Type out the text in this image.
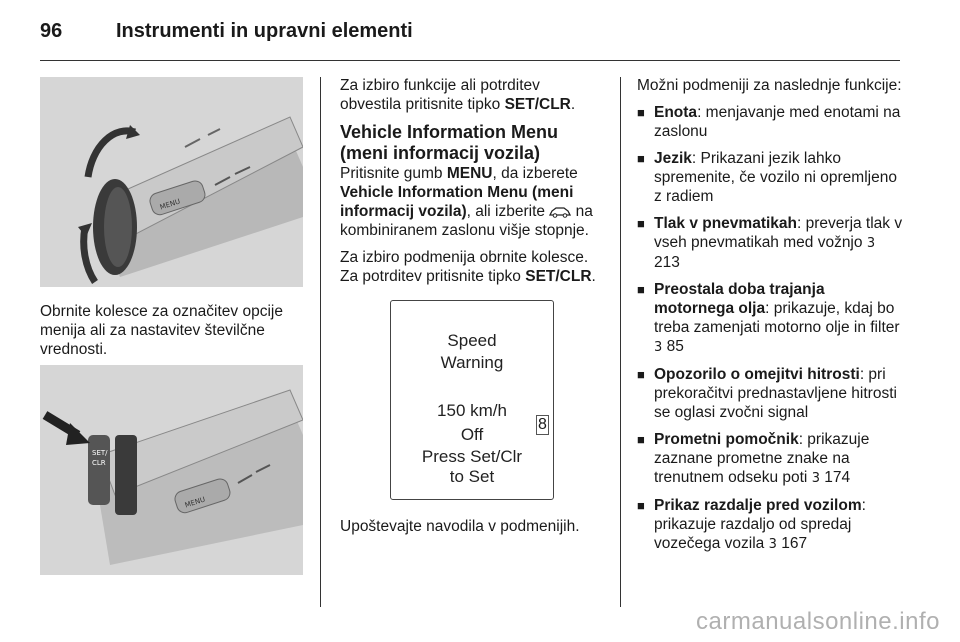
96	Instrumenti in upravni elementi
MENU

Obrnite kolesce za označitev opcije menija ali za nastavitev številčne vrednosti.

SET/
CLR
MENU

Za izbiro funkcije ali potrditev obvestila pritisnite tipko SET/CLR.

Vehicle Information Menu (meni informacij vozila)

Pritisnite gumb MENU, da izberete Vehicle Information Menu (meni informacij vozila), ali izberite  na kombiniranem zaslonu višje stopnje.

Za izbiro podmenija obrnite kolesce. Za potrditev pritisnite tipko SET/CLR.

Speed
Warning
150 km/h
Off
Press Set/Clr
to Set
8

Upoštevajte navodila v podmenijih.

Možni podmeniji za naslednje funkcije:

■ Enota: menjavanje med enotami na zaslonu
■ Jezik: Prikazani jezik lahko spremenite, če vozilo ni opremljeno z radiem
■ Tlak v pnevmatikah: preverja tlak v vseh pnevmatikah med vožnjo 3 213
■ Preostala doba trajanja motornega olja: prikazuje, kdaj bo treba zamenjati motorno olje in filter 3 85
■ Opozorilo o omejitvi hitrosti: pri prekoračitvi prednastavljene hitrosti se oglasi zvočni signal
■ Prometni pomočnik: prikazuje zaznane prometne znake na trenutnem odseku poti 3 174
■ Prikaz razdalje pred vozilom: prikazuje razdaljo od spredaj vozečega vozila 3 167
carmanualsonline.info
